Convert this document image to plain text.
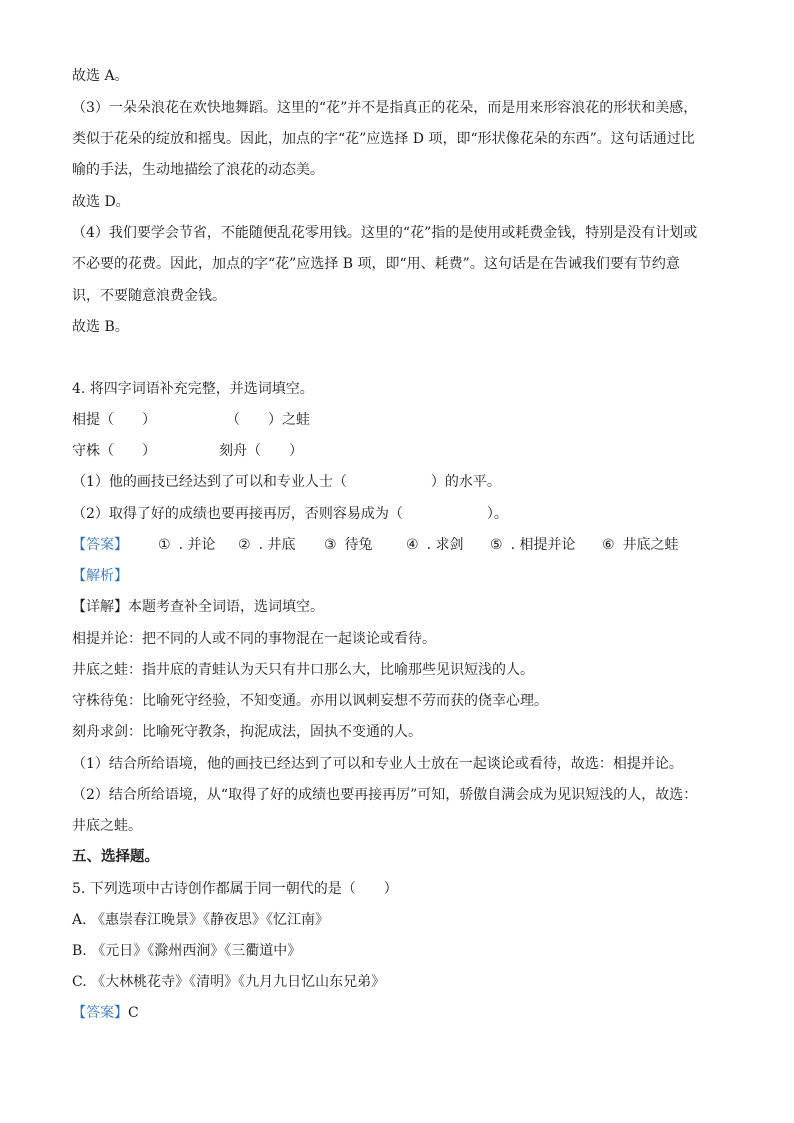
故选 A。
（3）一朵朵浪花在欢快地舞蹈。这里的“花”并不是指真正的花朵，而是用来形容浪花的形状和美感，
类似于花朵的绽放和摇曳。因此，加点的字“花”应选择 D 项，即“形状像花朵的东西”。这句话通过比
喻的手法，生动地描绘了浪花的动态美。
故选 D。
（4）我们要学会节省，不能随便乱花零用钱。这里的“花”指的是使用或耗费金钱，特别是没有计划或
不必要的花费。因此，加点的字“花”应选择 B 项，即“用、耗费”。这句话是在告诫我们要有节约意
识，不要随意浪费金钱。
故选 B。
4. 将四字词语补充完整，并选词填空。
相提（　　）　　　　　　（　　）之蛙
守株（　　）　　　　　刻舟（　　）
（1）他的画技已经达到了可以和专业人士（　　　　　　）的水平。
（2）取得了好的成绩也要再接再厉，否则容易成为（　　　　　　）。
【答案】 ① . 并论 ② . 井底 ③ 待兔 ④ . 求剑 ⑤ . 相提并论 ⑥ 井底之蛙
【解析】
【详解】本题考查补全词语，选词填空。
相提并论：把不同的人或不同的事物混在一起谈论或看待。
井底之蛙：指井底的青蛙认为天只有井口那么大，比喻那些见识短浅的人。
守株待兔：比喻死守经验，不知变通。亦用以讽刺妄想不劳而获的侥幸心理。
刻舟求剑：比喻死守教条，拘泥成法，固执不变通的人。
（1）结合所给语境，他的画技已经达到了可以和专业人士放在一起谈论或看待，故选：相提并论。
（2）结合所给语境，从“取得了好的成绩也要再接再厉”可知，骄傲自满会成为见识短浅的人，故选：
井底之蛙。
五、选择题。
5. 下列选项中古诗创作都属于同一朝代的是（　　）
A. 《惠崇春江晚景》《静夜思》《忆江南》
B. 《元日》《滁州西涧》《三衢道中》
C. 《大林桃花寺》《清明》《九月九日忆山东兄弟》
【答案】C
